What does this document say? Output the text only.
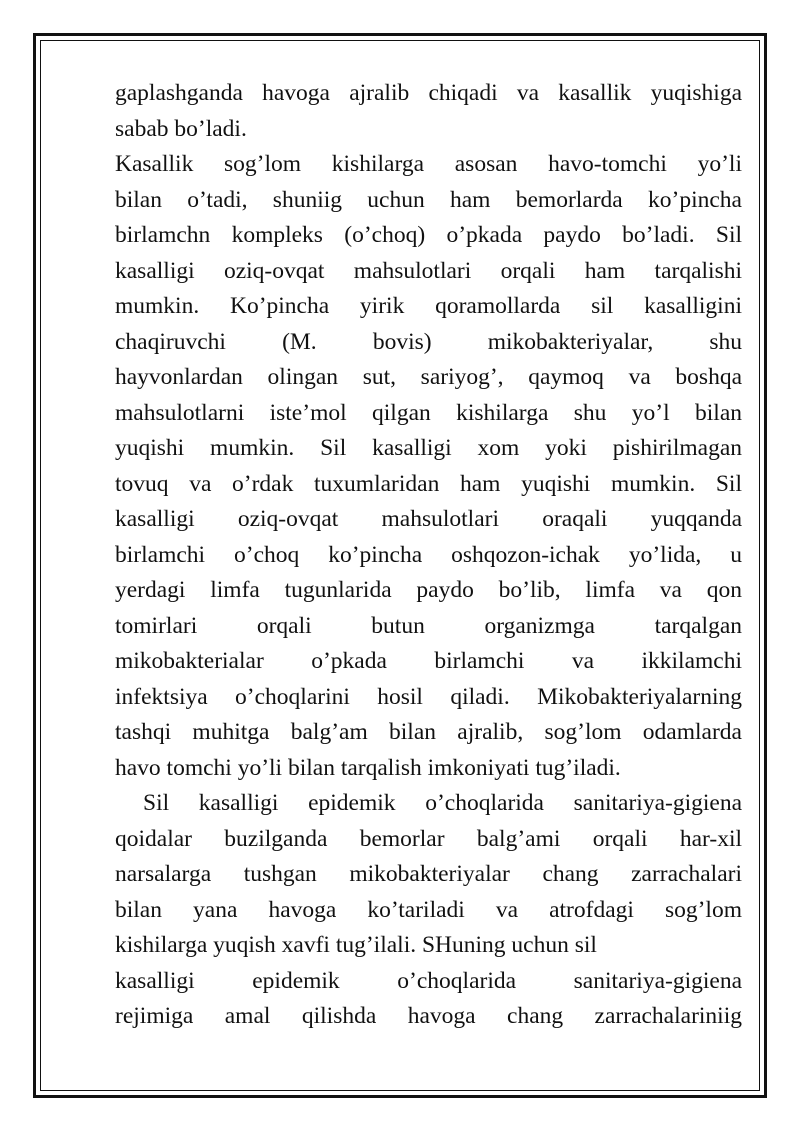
gaplashganda havoga ajralib chiqadi va kasallik yuqishiga
sabab bo’ladi.
Kasallik sog’lom kishilarga asosan havo-tomchi yo’li
bilan o’tadi, shuniig uchun ham bemorlarda ko’pincha
birlamchn kompleks (o’choq) o’pkada paydo bo’ladi. Sil
kasalligi oziq-ovqat mahsulotlari orqali ham tarqalishi
mumkin. Ko’pincha yirik qoramollarda sil kasalligini
chaqiruvchi (M. bovis) mikobakteriyalar, shu
hayvonlardan olingan sut, sariyog’, qaymoq va boshqa
mahsulotlarni iste’mol qilgan kishilarga shu yo’l bilan
yuqishi mumkin. Sil kasalligi xom yoki pishirilmagan
tovuq va o’rdak tuxumlaridan ham yuqishi mumkin. Sil
kasalligi oziq-ovqat mahsulotlari oraqali yuqqanda
birlamchi o’choq ko’pincha oshqozon-ichak yo’lida, u
yerdagi limfa tugunlarida paydo bo’lib, limfa va qon
tomirlari orqali butun organizmga tarqalgan
mikobakterialar o’pkada birlamchi va ikkilamchi
infektsiya o’choqlarini hosil qiladi. Mikobakteriyalarning
tashqi muhitga balg’am bilan ajralib, sog’lom odamlarda
havo tomchi yo’li bilan tarqalish imkoniyati tug’iladi.
Sil kasalligi epidemik o’choqlarida sanitariya-gigiena
qoidalar buzilganda bemorlar balg’ami orqali har-xil
narsalarga tushgan mikobakteriyalar chang zarrachalari
bilan yana havoga ko’tariladi va atrofdagi sog’lom
kishilarga yuqish xavfi tug’ilali. SHuning uchun sil
kasalligi epidemik o’choqlarida sanitariya-gigiena
rejimiga amal qilishda havoga chang zarrachalariniig
